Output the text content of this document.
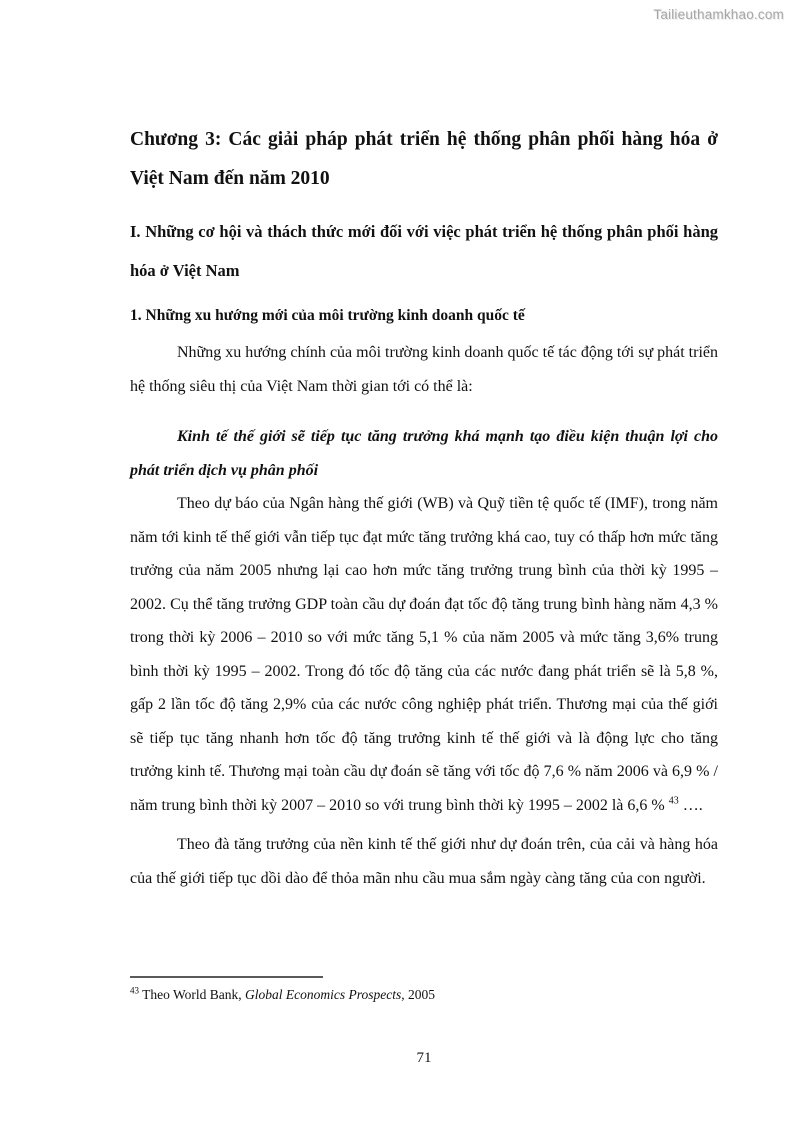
Tailieuthamkhao.com
Chương 3: Các giải pháp phát triển hệ thống phân phối hàng hóa ở Việt Nam đến năm 2010
I. Những cơ hội và thách thức mới đối với việc phát triển hệ thống phân phối hàng hóa ở Việt Nam
1. Những xu hướng mới của môi trường kinh doanh quốc tế

Những xu hướng chính của môi trường kinh doanh quốc tế tác động tới sự phát triển hệ thống siêu thị của Việt Nam thời gian tới có thể là:

Kinh tế thế giới sẽ tiếp tục tăng trưởng khá mạnh tạo điều kiện thuận lợi cho phát triển dịch vụ phân phối

Theo dự báo của Ngân hàng thế giới (WB) và Quỹ tiền tệ quốc tế (IMF), trong năm năm tới kinh tế thế giới vẫn tiếp tục đạt mức tăng trưởng khá cao, tuy có thấp hơn mức tăng trưởng của năm 2005 nhưng lại cao hơn mức tăng trưởng trung bình của thời kỳ 1995 – 2002. Cụ thể tăng trưởng GDP toàn cầu dự đoán đạt tốc độ tăng trung bình hàng năm 4,3 % trong thời kỳ 2006 – 2010 so với mức tăng 5,1 % của năm 2005 và mức tăng 3,6% trung bình thời kỳ 1995 – 2002. Trong đó tốc độ tăng của các nước đang phát triển sẽ là 5,8 %, gấp 2 lần tốc độ tăng 2,9% của các nước công nghiệp phát triển. Thương mại của thế giới sẽ tiếp tục tăng nhanh hơn tốc độ tăng trưởng kinh tế thế giới và là động lực cho tăng trưởng kinh tế. Thương mại toàn cầu dự đoán sẽ tăng với tốc độ 7,6 % năm 2006 và 6,9 % / năm trung bình thời kỳ 2007 – 2010 so với trung bình thời kỳ 1995 – 2002 là 6,6 % $^{43}$ ….

Theo đà tăng trưởng của nền kinh tế thế giới như dự đoán trên, của cải và hàng hóa của thế giới tiếp tục dồi dào để thỏa mãn nhu cầu mua sắm ngày càng tăng của con người.

$^{43}$ Theo World Bank, Global Economics Prospects, 2005

71
